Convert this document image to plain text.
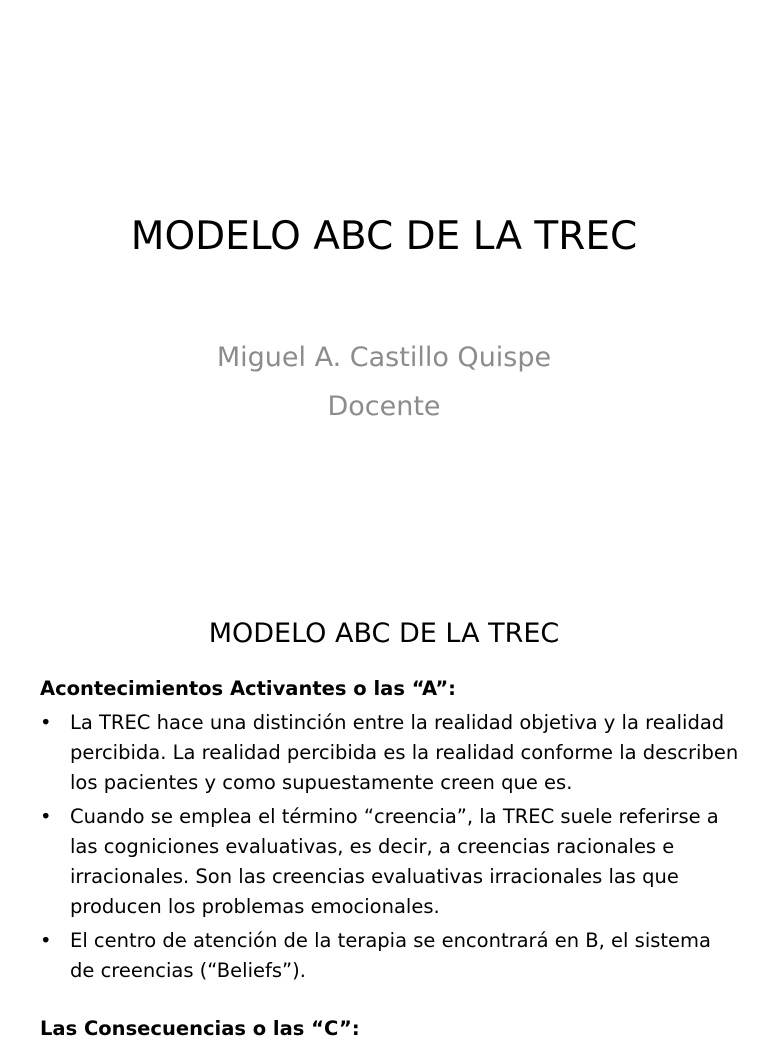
MODELO ABC DE LA TREC
Miguel A. Castillo Quispe
Docente
MODELO ABC DE LA TREC
Acontecimientos Activantes o las “A”:
• La TREC hace una distinción entre la realidad objetiva y la realidad percibida. La realidad percibida es la realidad conforme la describen los pacientes y como supuestamente creen que es.
• Cuando se emplea el término “creencia”, la TREC suele referirse a las cogniciones evaluativas, es decir, a creencias racionales e irracionales. Son las creencias evaluativas irracionales las que producen los problemas emocionales.
• El centro de atención de la terapia se encontrará en B, el sistema de creencias (“Beliefs”).
Las Consecuencias o las “C”:
